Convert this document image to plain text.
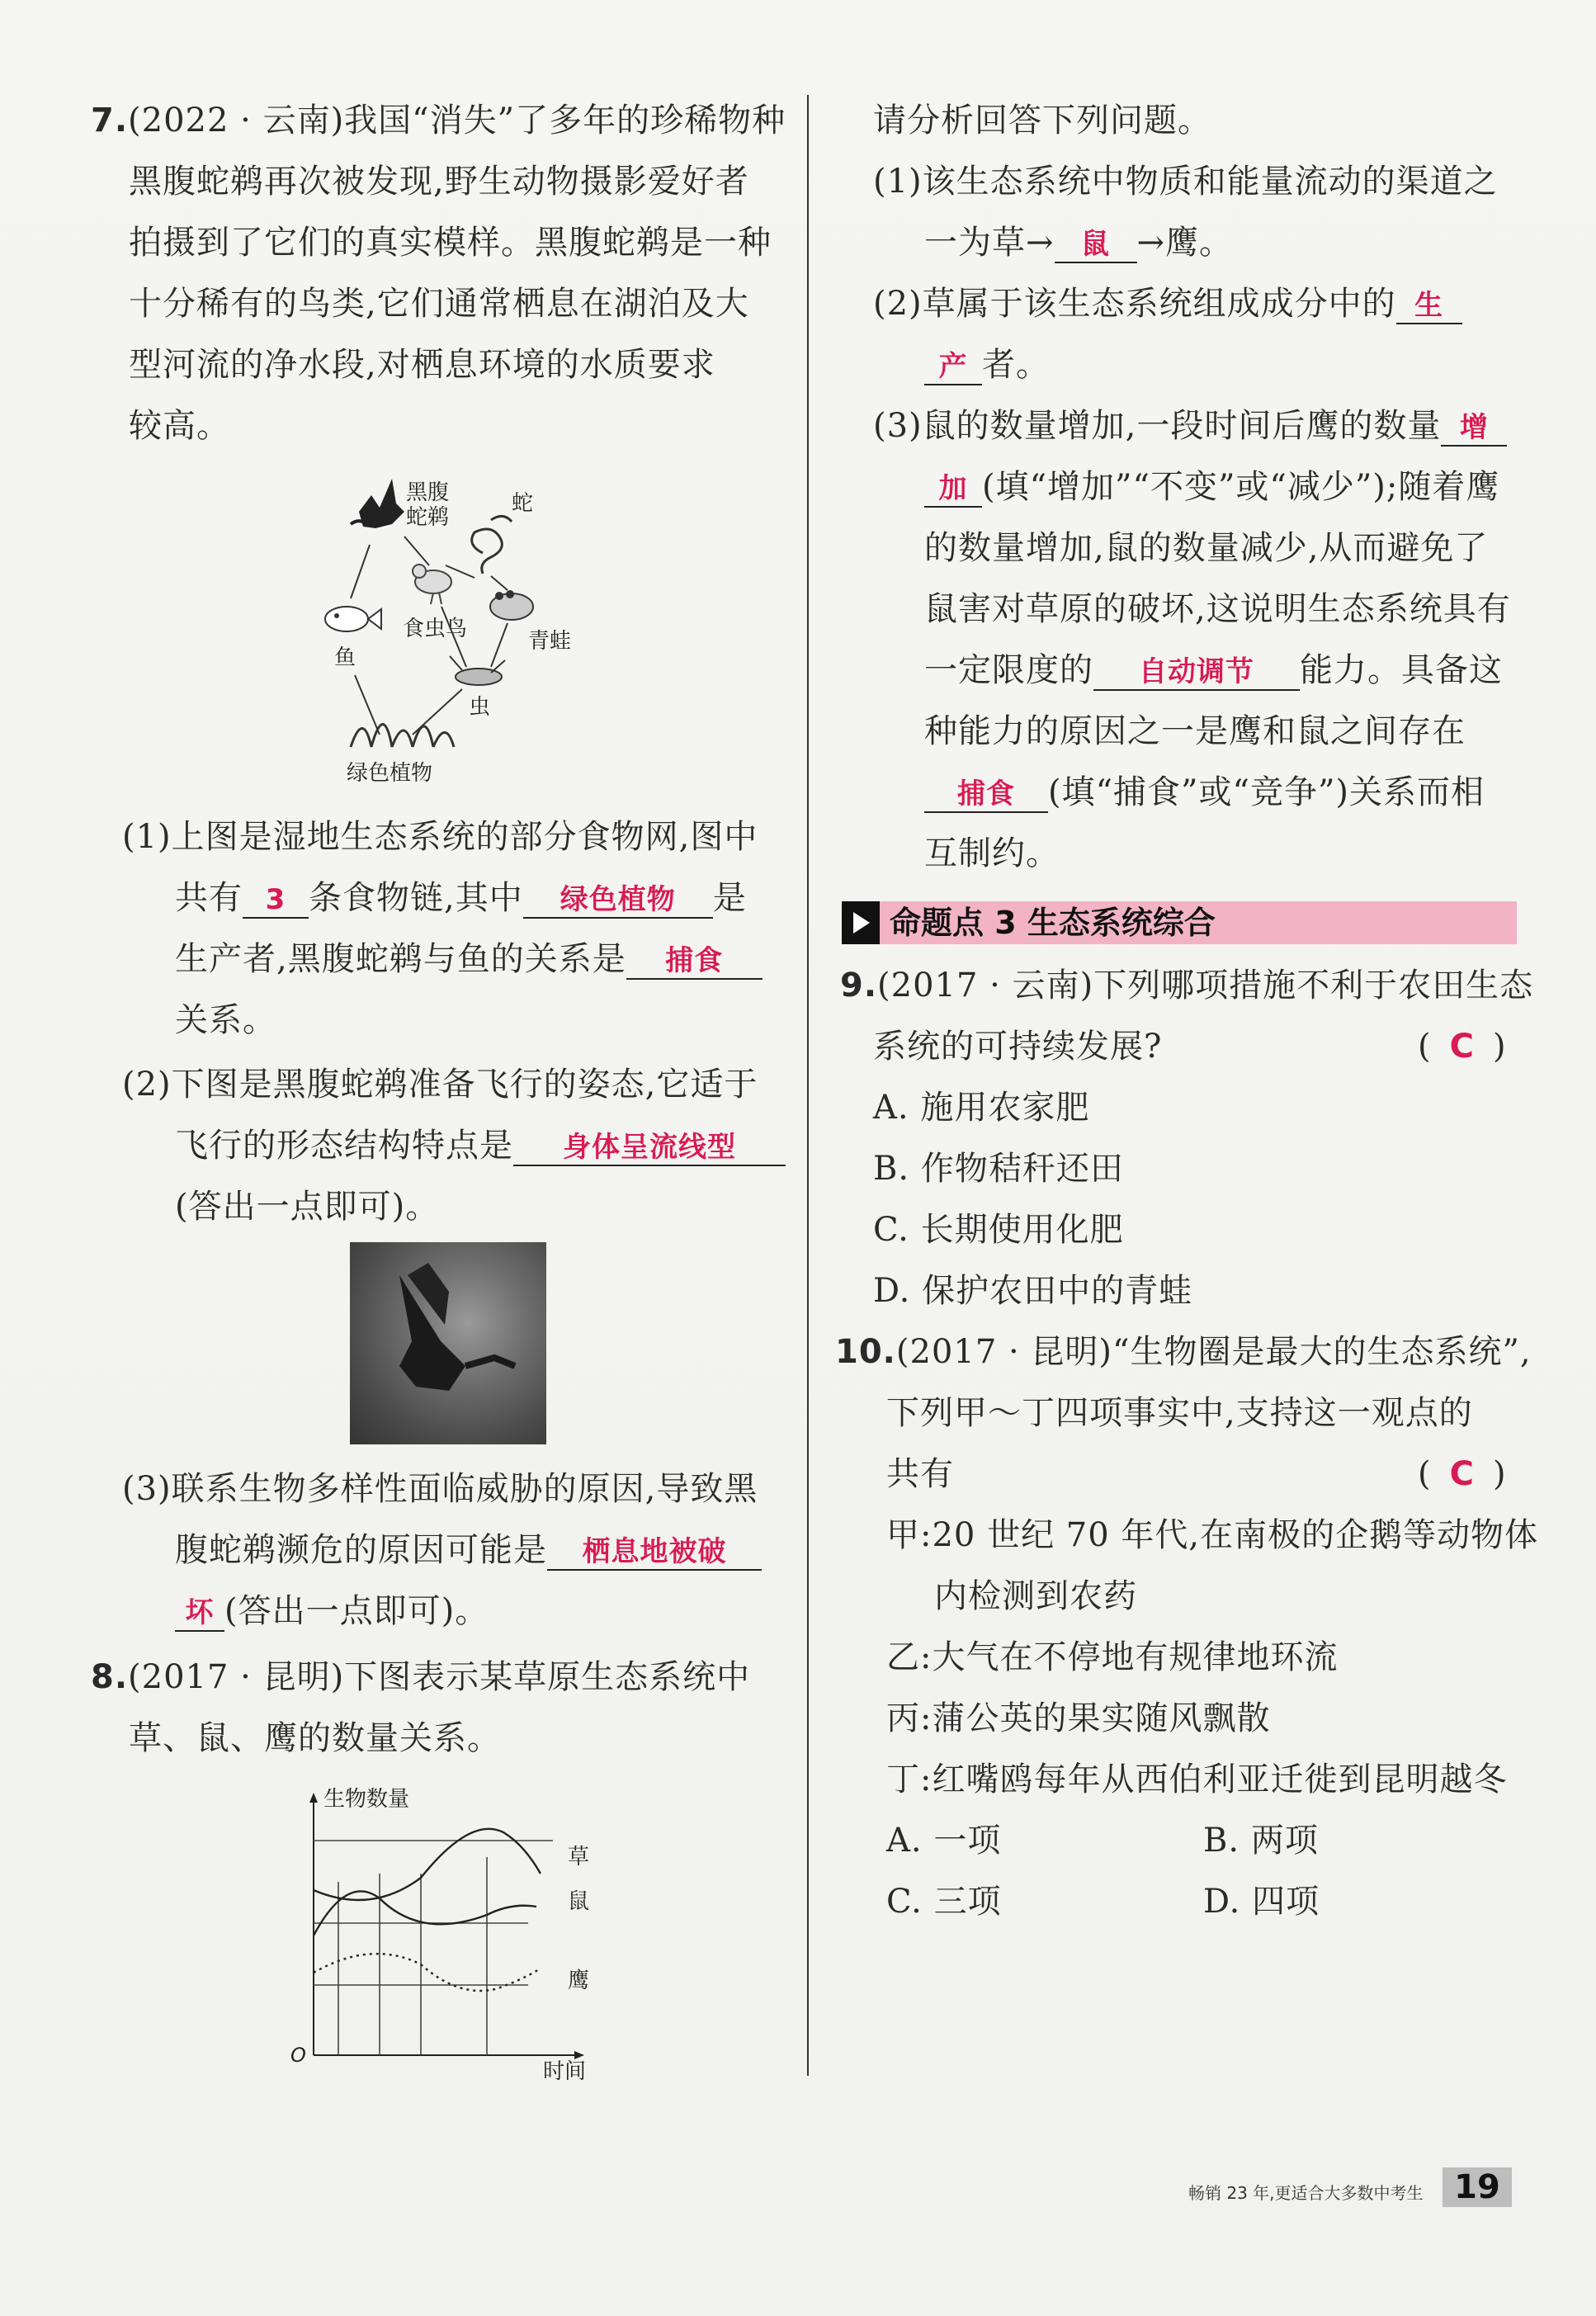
7.(2022 · 云南)我国“消失”了多年的珍稀物种
黑腹蛇鹈再次被发现,野生动物摄影爱好者
拍摄到了它们的真实模样。黑腹蛇鹈是一种
十分稀有的鸟类,它们通常栖息在湖泊及大
型河流的净水段,对栖息环境的水质要求
较高。
黑腹
蛇鹈
蛇
食虫鸟	青蛙
鱼
虫
绿色植物
(1)上图是湿地生态系统的部分食物网,图中
共有 3 条食物链,其中 绿色植物 是
生产者,黑腹蛇鹈与鱼的关系是 捕食
关系。
(2)下图是黑腹蛇鹈准备飞行的姿态,它适于
飞行的形态结构特点是 身体呈流线型
(答出一点即可)。
(3)联系生物多样性面临威胁的原因,导致黑
腹蛇鹈濒危的原因可能是 栖息地被破
坏 (答出一点即可)。
8.(2017 · 昆明)下图表示某草原生态系统中
草、鼠、鹰的数量关系。
生物数量
时间
O
草
鼠
鹰
请分析回答下列问题。
(1)该生态系统中物质和能量流动的渠道之
一为草→ 鼠 →鹰。
(2)草属于该生态系统组成成分中的 生
产 者。
(3)鼠的数量增加,一段时间后鹰的数量 增
加 (填“增加”“不变”或“减少”);随着鹰
的数量增加,鼠的数量减少,从而避免了
鼠害对草原的破坏,这说明生态系统具有
一定限度的 自动调节 能力。具备这
种能力的原因之一是鹰和鼠之间存在
捕食 (填“捕食”或“竞争”)关系而相
互制约。
命题点 3 生态系统综合
9.(2017 · 云南)下列哪项措施不利于农田生态
系统的可持续发展?	( C )
A. 施用农家肥
B. 作物秸秆还田
C. 长期使用化肥
D. 保护农田中的青蛙
10.(2017 · 昆明)“生物圈是最大的生态系统”,
下列甲～丁四项事实中,支持这一观点的
共有	( C )
甲:20 世纪 70 年代,在南极的企鹅等动物体
内检测到农药
乙:大气在不停地有规律地环流
丙:蒲公英的果实随风飘散
丁:红嘴鸥每年从西伯利亚迁徙到昆明越冬
A. 一项	B. 两项
C. 三项	D. 四项
畅销 23 年,更适合大多数中考生 19
